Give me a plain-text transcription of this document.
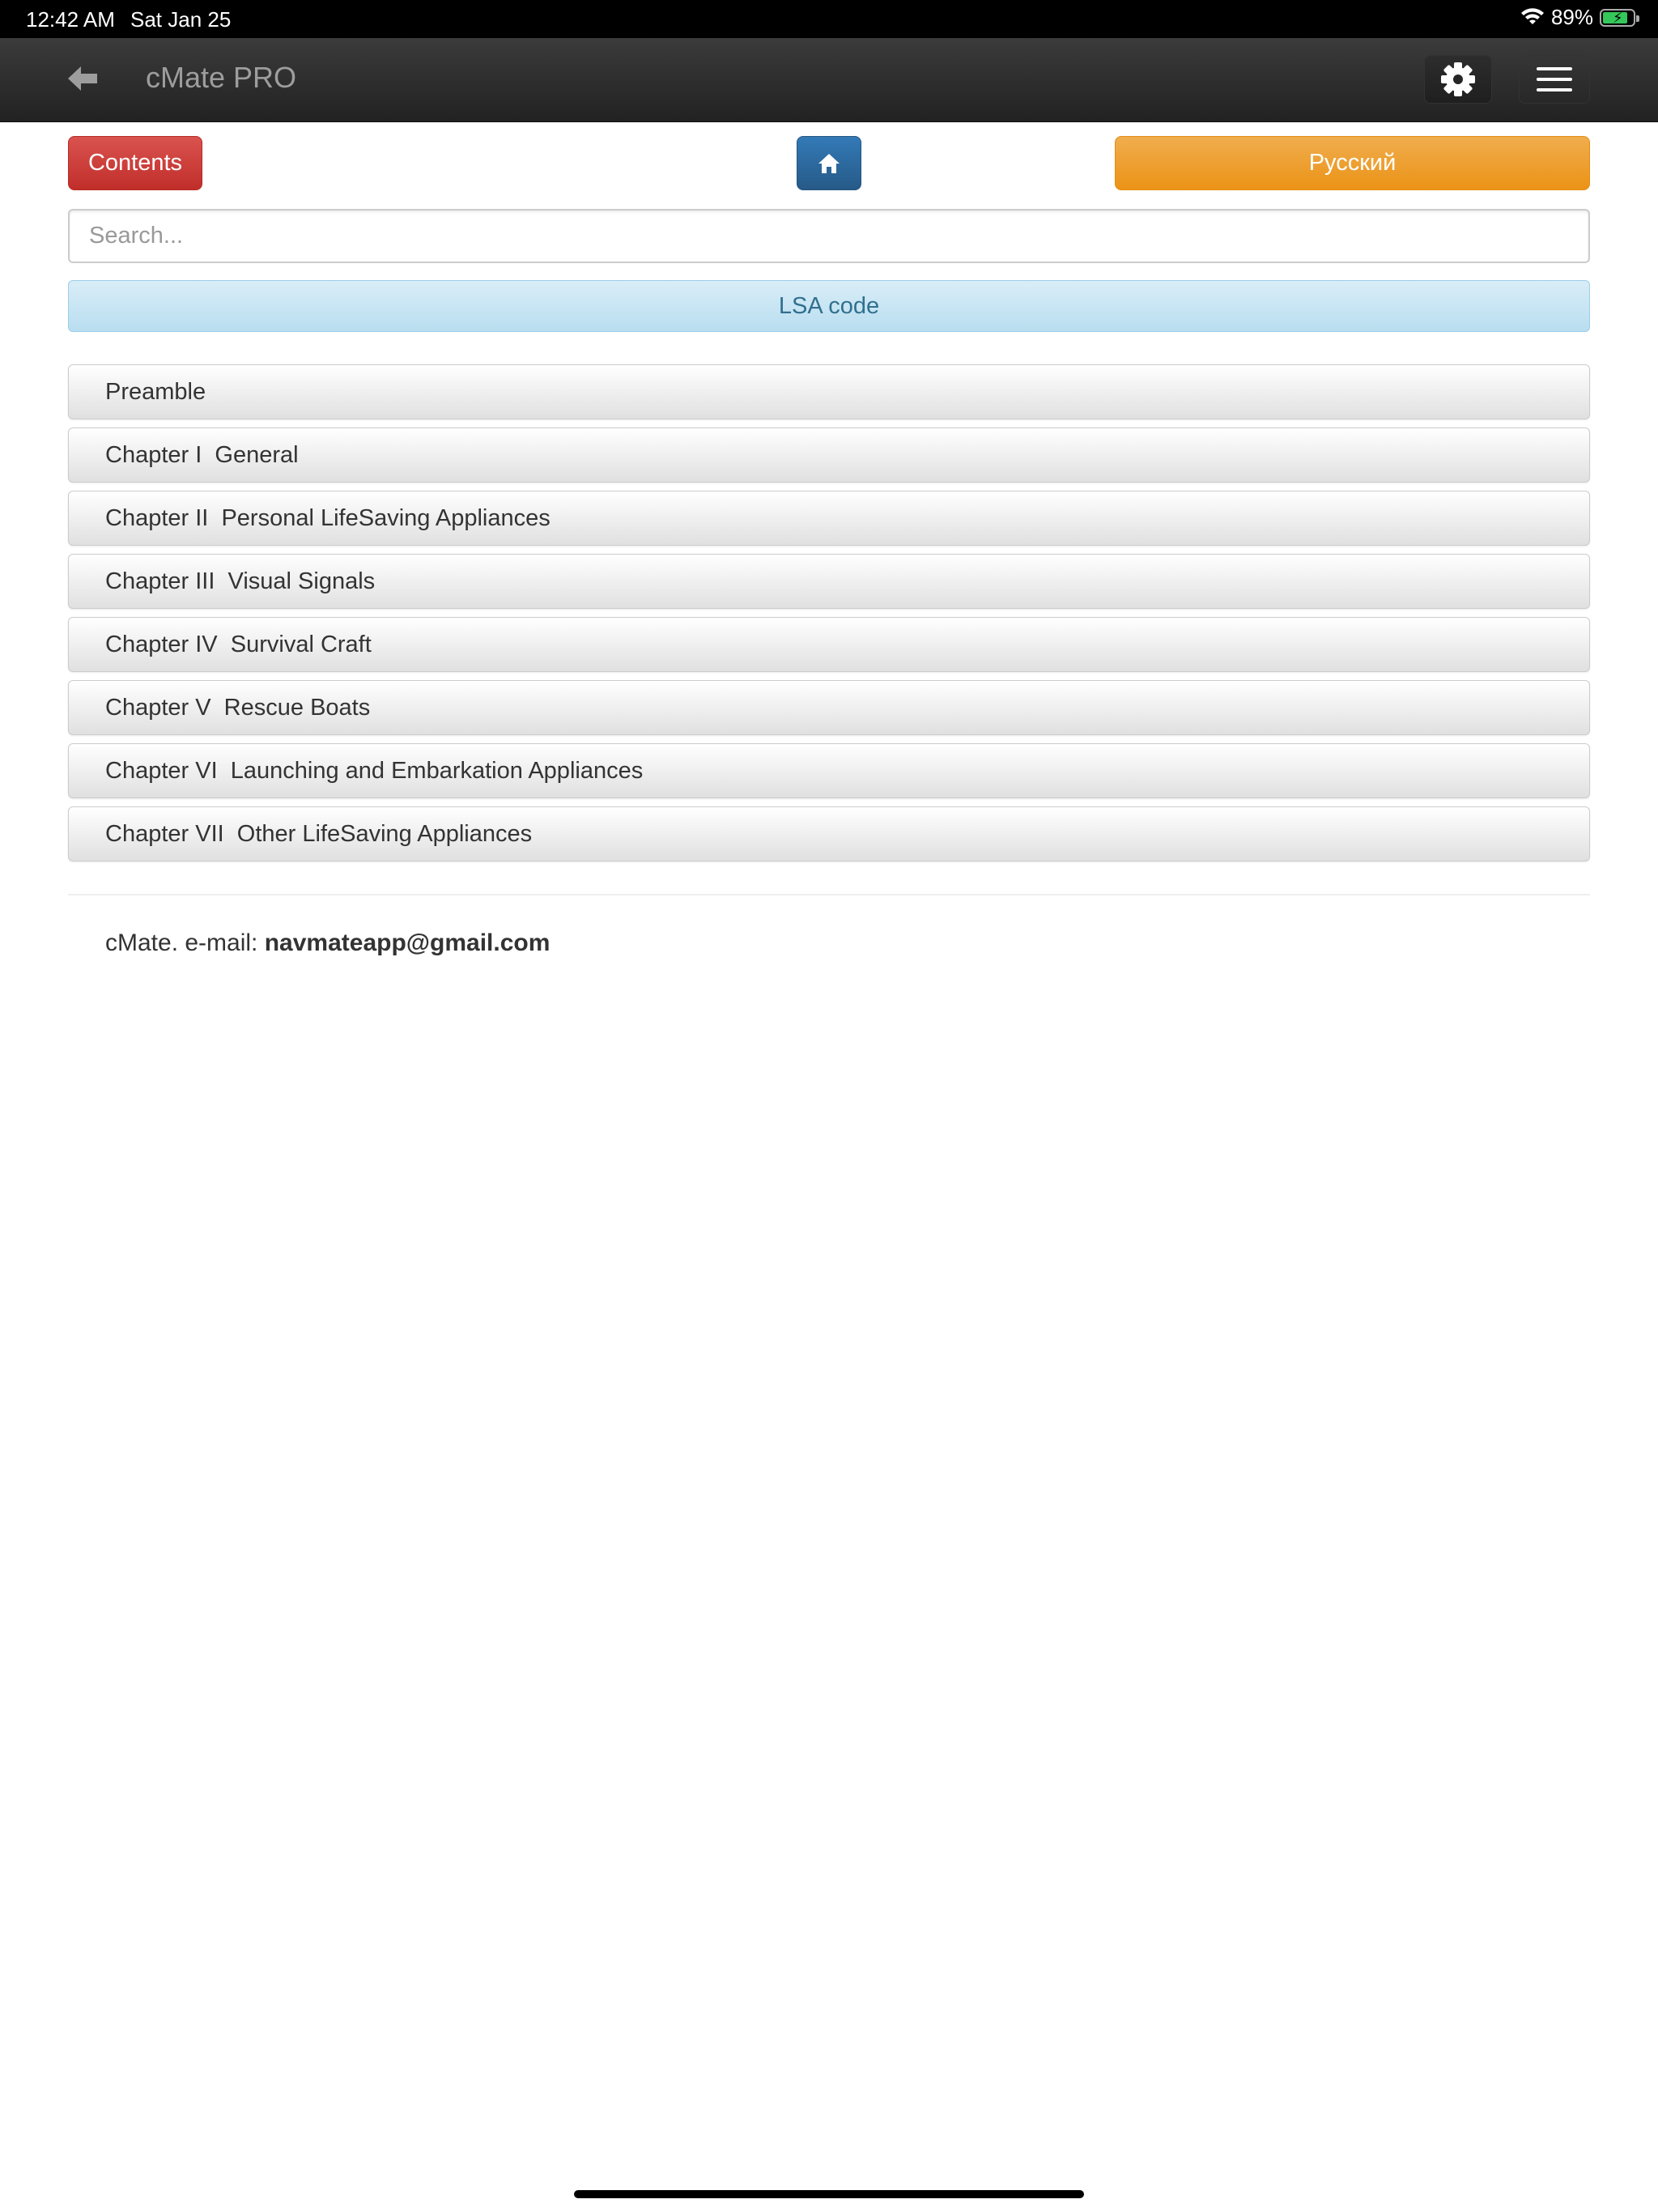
12:42 AM Sat Jan 25	89% ⚡
cMate PRO
Contents	Русский
Search...
LSA code
Preamble
Chapter I  General
Chapter II  Personal LifeSaving Appliances
Chapter III  Visual Signals
Chapter IV  Survival Craft
Chapter V  Rescue Boats
Chapter VI  Launching and Embarkation Appliances
Chapter VII  Other LifeSaving Appliances
cMate. e-mail: navmateapp@gmail.com
